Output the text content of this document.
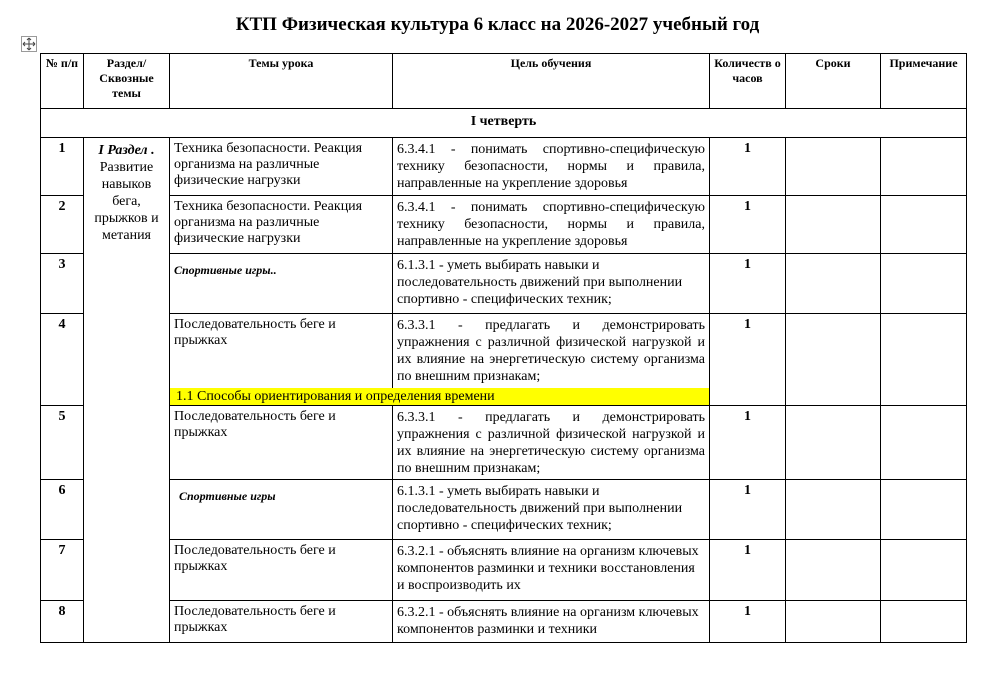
КТП Физическая культура 6 класс на 2026-2027 учебный год
№ п/п	Раздел/ Сквозные темы	Темы урока	Цель обучения	Количеств о часов	Сроки	Примечание
I четверть						
1	I Раздел . Развитие навыков бега, прыжков и метания	Техника безопасности. Реакция организма на различные физические нагрузки	6.3.4.1 - понимать спортивно-специфическую технику безопасности, нормы и правила, направленные на укрепление здоровья	1		
2		Техника безопасности. Реакция организма на различные физические нагрузки	6.3.4.1 - понимать спортивно-специфическую технику безопасности, нормы и правила, направленные на укрепление здоровья	1		
3		Спортивные игры..	6.1.3.1 - уметь выбирать навыки и последовательность движений при выполнении спортивно - специфических техник;	1		
4		Последовательность беге и прыжках	6.3.3.1 - предлагать и демонстрировать упражнения с различной физической нагрузкой и их влияние на энергетическую систему организма по внешним признакам;	1		
		1.1 Способы ориентирования и определения времени				
5		Последовательность беге и прыжках	6.3.3.1 - предлагать и демонстрировать упражнения с различной физической нагрузкой и их влияние на энергетическую систему организма по внешним признакам;	1		
6		Спортивные игры	6.1.3.1 - уметь выбирать навыки и последовательность движений при выполнении спортивно - специфических техник;	1		
7		Последовательность беге и прыжках	6.3.2.1 - объяснять влияние на организм ключевых компонентов разминки и техники восстановления и воспроизводить их	1		
8		Последовательность беге и прыжках	6.3.2.1 - объяснять влияние на организм ключевых компонентов разминки и техники	1		
